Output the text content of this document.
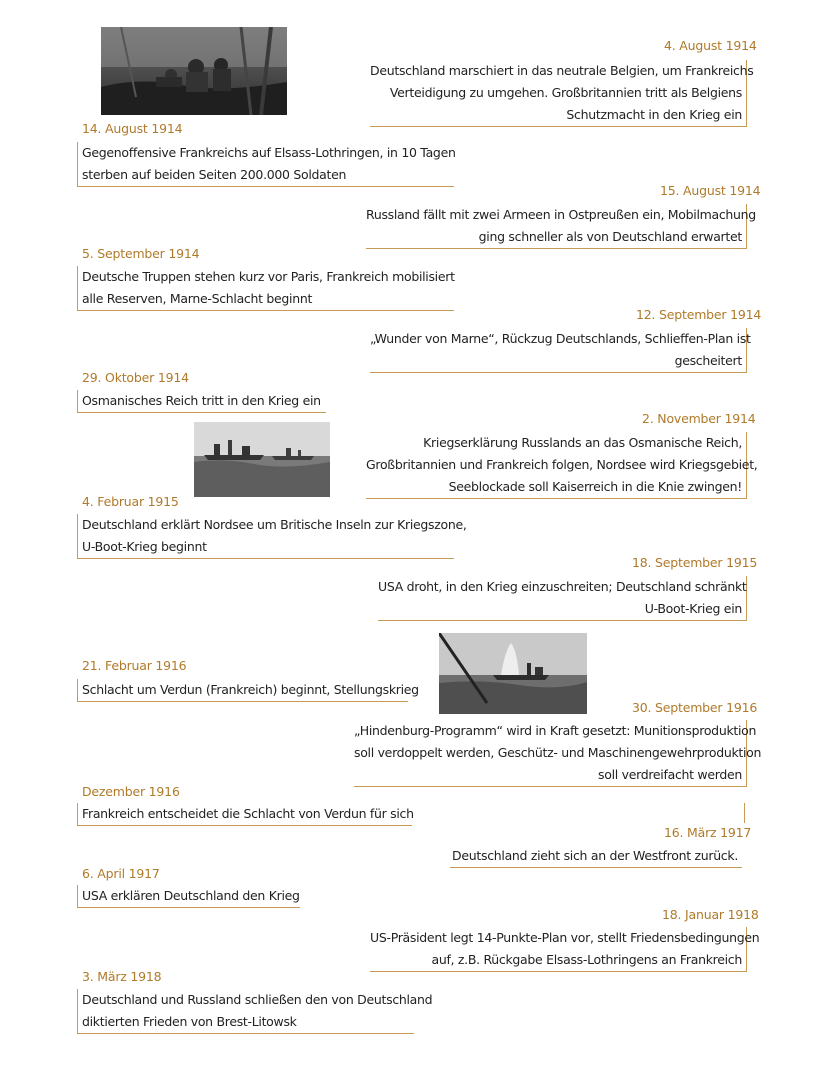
4. August 1914
Deutschland marschiert in das neutrale Belgien, um Frankreichs
Verteidigung zu umgehen. Großbritannien tritt als Belgiens
Schutzmacht in den Krieg ein
14. August 1914
Gegenoffensive Frankreichs auf Elsass-Lothringen, in 10 Tagen
sterben auf beiden Seiten 200.000 Soldaten
15. August 1914
Russland fällt mit zwei Armeen in Ostpreußen ein, Mobilmachung
ging schneller als von Deutschland erwartet
5. September 1914
Deutsche Truppen stehen kurz vor Paris, Frankreich mobilisiert
alle Reserven, Marne-Schlacht beginnt
12. September 1914
„Wunder von Marne“, Rückzug Deutschlands, Schlieffen-Plan ist
gescheitert
29. Oktober 1914
Osmanisches Reich tritt in den Krieg ein
2. November 1914
Kriegserklärung Russlands an das Osmanische Reich,
Großbritannien und Frankreich folgen, Nordsee wird Kriegsgebiet,
Seeblockade soll Kaiserreich in die Knie zwingen!
4. Februar 1915
Deutschland erklärt Nordsee um Britische Inseln zur Kriegszone,
U-Boot-Krieg beginnt
18. September 1915
USA droht, in den Krieg einzuschreiten; Deutschland schränkt
U-Boot-Krieg ein
21. Februar 1916
Schlacht um Verdun (Frankreich) beginnt, Stellungskrieg
30. September 1916
„Hindenburg-Programm“ wird in Kraft gesetzt: Munitionsproduktion
soll verdoppelt werden, Geschütz- und Maschinengewehrproduktion
soll verdreifacht werden
Dezember 1916
Frankreich entscheidet die Schlacht von Verdun für sich
16. März 1917
Deutschland zieht sich an der Westfront zurück.
6. April 1917
USA erklären Deutschland den Krieg
18. Januar 1918
US-Präsident legt 14-Punkte-Plan vor, stellt Friedensbedingungen
auf, z.B. Rückgabe Elsass-Lothringens an Frankreich
3. März 1918
Deutschland und Russland schließen den von Deutschland
diktierten Frieden von Brest-Litowsk
